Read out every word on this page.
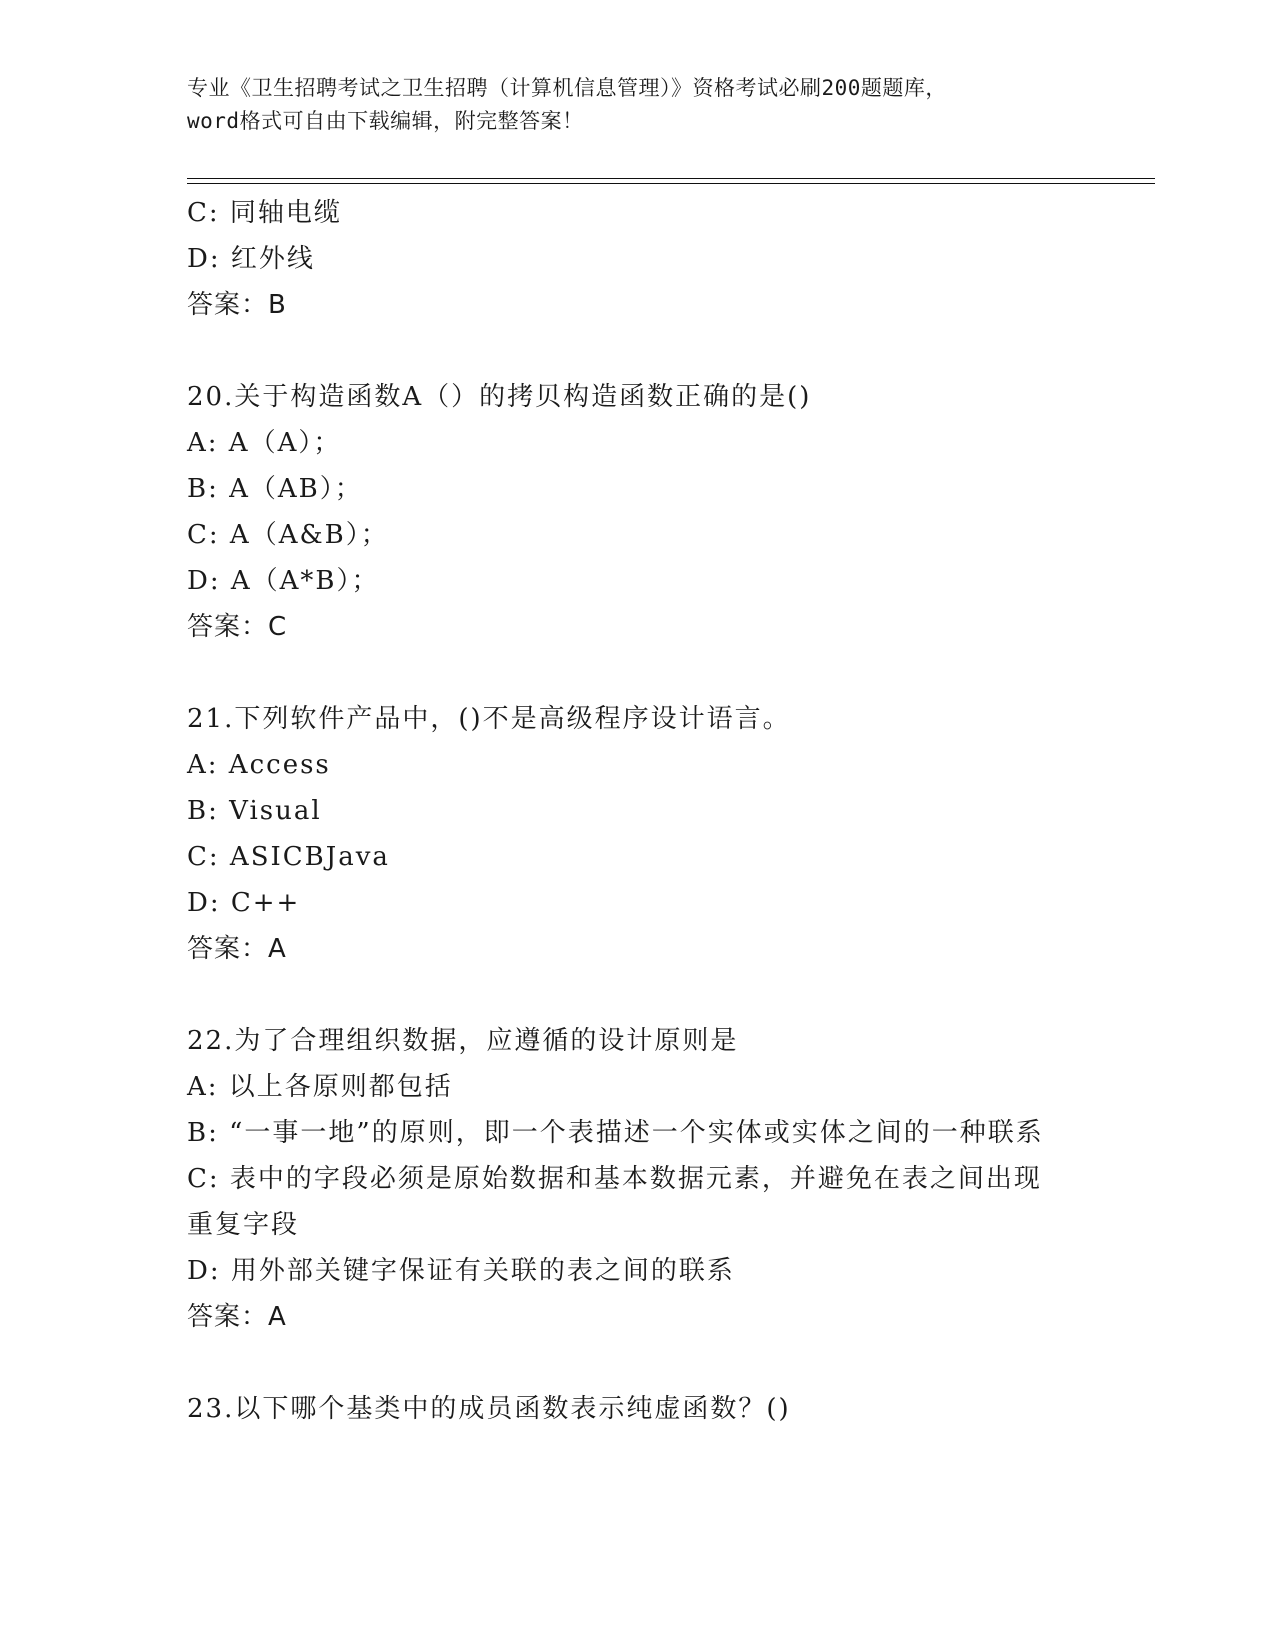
专业《卫生招聘考试之卫生招聘（计算机信息管理）》资格考试必刷200题题库，
word格式可自由下载编辑，附完整答案！
C: 同轴电缆
D: 红外线
答案：B
20.关于构造函数A（）的拷贝构造函数正确的是()
A: A（A）；
B: A（AB）；
C: A（A&B）；
D: A（A*B）；
答案：C
21.下列软件产品中，()不是高级程序设计语言。
A: Access
B: Visual
C: ASICBJava
D: C++
答案：A
22.为了合理组织数据，应遵循的设计原则是
A: 以上各原则都包括
B: “一事一地”的原则，即一个表描述一个实体或实体之间的一种联系
C: 表中的字段必须是原始数据和基本数据元素，并避免在表之间出现重复字段
D: 用外部关键字保证有关联的表之间的联系
答案：A
23.以下哪个基类中的成员函数表示纯虚函数？()
